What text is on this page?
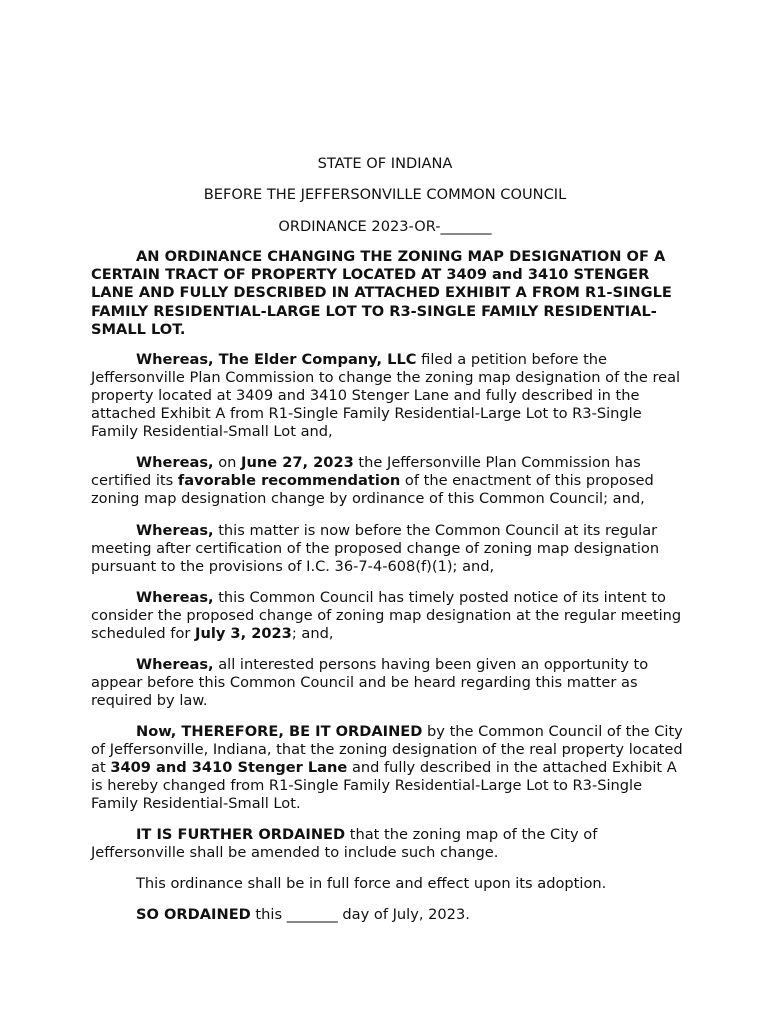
STATE OF INDIANA
BEFORE THE JEFFERSONVILLE COMMON COUNCIL
ORDINANCE 2023-OR-_______
AN ORDINANCE CHANGING THE ZONING MAP DESIGNATION OF A CERTAIN TRACT OF PROPERTY LOCATED AT 3409 and 3410 STENGER LANE AND FULLY DESCRIBED IN ATTACHED EXHIBIT A FROM R1-SINGLE FAMILY RESIDENTIAL-LARGE LOT TO R3-SINGLE FAMILY RESIDENTIAL-SMALL LOT.

Whereas, The Elder Company, LLC filed a petition before the Jeffersonville Plan Commission to change the zoning map designation of the real property located at 3409 and 3410 Stenger Lane and fully described in the attached Exhibit A from R1-Single Family Residential-Large Lot to R3-Single Family Residential-Small Lot and,

Whereas, on June 27, 2023 the Jeffersonville Plan Commission has certified its favorable recommendation of the enactment of this proposed zoning map designation change by ordinance of this Common Council; and,

Whereas, this matter is now before the Common Council at its regular meeting after certification of the proposed change of zoning map designation pursuant to the provisions of I.C. 36-7-4-608(f)(1); and,

Whereas, this Common Council has timely posted notice of its intent to consider the proposed change of zoning map designation at the regular meeting scheduled for July 3, 2023; and,

Whereas, all interested persons having been given an opportunity to appear before this Common Council and be heard regarding this matter as required by law.

Now, THEREFORE, BE IT ORDAINED by the Common Council of the City of Jeffersonville, Indiana, that the zoning designation of the real property located at 3409 and 3410 Stenger Lane and fully described in the attached Exhibit A is hereby changed from R1-Single Family Residential-Large Lot to R3-Single Family Residential-Small Lot.

IT IS FURTHER ORDAINED that the zoning map of the City of Jeffersonville shall be amended to include such change.

This ordinance shall be in full force and effect upon its adoption.

SO ORDAINED this _______ day of July, 2023.
